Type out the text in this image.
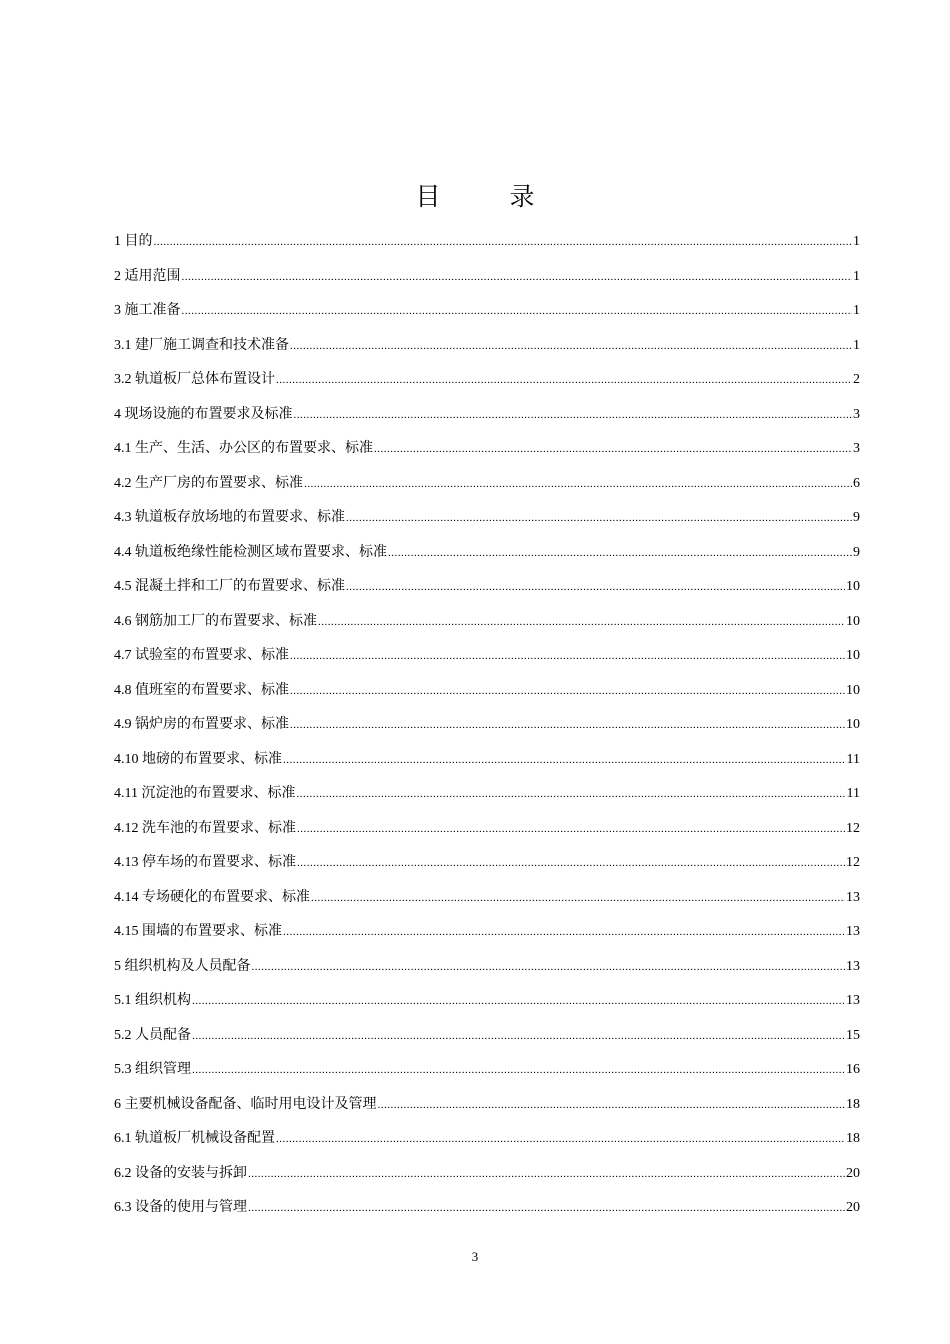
目　录
1 目的 .....	1
2 适用范围 .....	1
3 施工准备 .....	1
3.1 建厂施工调查和技术准备 .....	1
3.2 轨道板厂总体布置设计 .....	2
4 现场设施的布置要求及标准 .....	3
4.1 生产、生活、办公区的布置要求、标准 .....	3
4.2 生产厂房的布置要求、标准 .....	6
4.3 轨道板存放场地的布置要求、标准 .....	9
4.4 轨道板绝缘性能检测区域布置要求、标准 .....	9
4.5 混凝土拌和工厂的布置要求、标准 .....	10
4.6 钢筋加工厂的布置要求、标准 .....	10
4.7 试验室的布置要求、标准 .....	10
4.8 值班室的布置要求、标准 .....	10
4.9 锅炉房的布置要求、标准 .....	10
4.10 地磅的布置要求、标准 .....	11
4.11 沉淀池的布置要求、标准 .....	11
4.12 洗车池的布置要求、标准 .....	12
4.13 停车场的布置要求、标准 .....	12
4.14 专场硬化的布置要求、标准 .....	13
4.15 围墙的布置要求、标准 .....	13
5 组织机构及人员配备 .....	13
5.1 组织机构 .....	13
5.2 人员配备 .....	15
5.3 组织管理 .....	16
6 主要机械设备配备、临时用电设计及管理 .....	18
6.1 轨道板厂机械设备配置 .....	18
6.2 设备的安装与拆卸 .....	20
6.3 设备的使用与管理 .....	20
3
